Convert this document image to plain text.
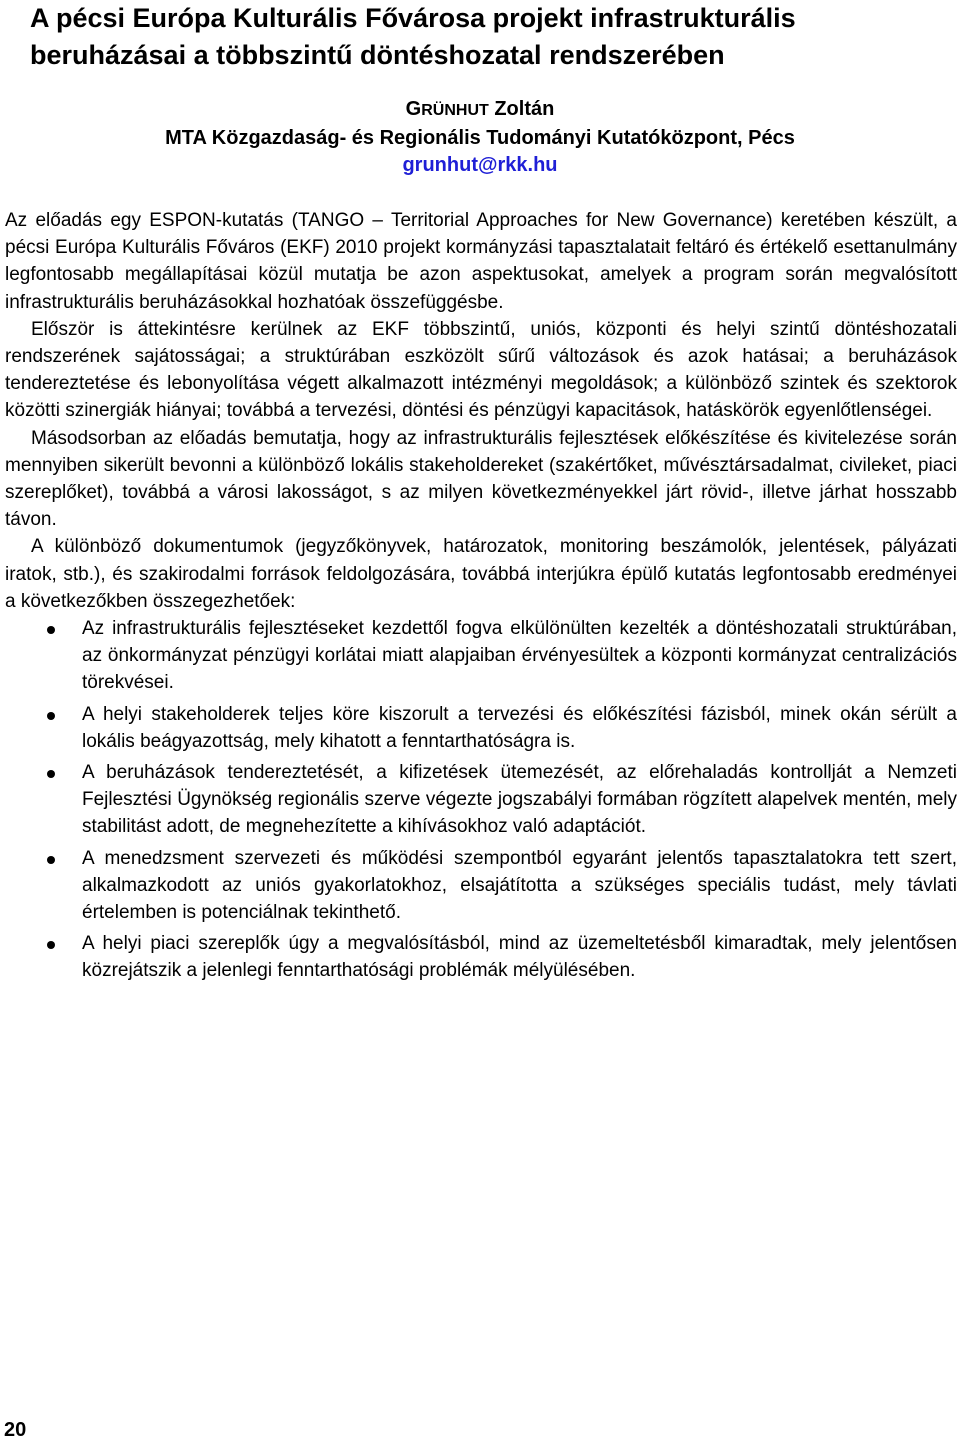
A pécsi Európa Kulturális Fővárosa projekt infrastrukturális beruházásai a többszintű döntéshozatal rendszerében
GRÜNHUT Zoltán
MTA Közgazdaság- és Regionális Tudományi Kutatóközpont, Pécs
grunhut@rkk.hu

Az előadás egy ESPON-kutatás (TANGO – Territorial Approaches for New Governance) keretében készült, a pécsi Európa Kulturális Főváros (EKF) 2010 projekt kormányzási tapasztalatait feltáró és értékelő esettanulmány legfontosabb megállapításai közül mutatja be azon aspektusokat, amelyek a program során megvalósított infrastrukturális beruházásokkal hozhatóak összefüggésbe.

Először is áttekintésre kerülnek az EKF többszintű, uniós, központi és helyi szintű döntéshozatali rendszerének sajátosságai; a struktúrában eszközölt sűrű változások és azok hatásai; a beruházások tendereztetése és lebonyolítása végett alkalmazott intézményi megoldások; a különböző szintek és szektorok közötti szinergiák hiányai; továbbá a tervezési, döntési és pénzügyi kapacitások, hatáskörök egyenlőtlenségei.

Másodsorban az előadás bemutatja, hogy az infrastrukturális fejlesztések előkészítése és kivitelezése során mennyiben sikerült bevonni a különböző lokális stakeholdereket (szakértőket, művésztársadalmat, civileket, piaci szereplőket), továbbá a városi lakosságot, s az milyen következményekkel járt rövid-, illetve járhat hosszabb távon.

A különböző dokumentumok (jegyzőkönyvek, határozatok, monitoring beszámolók, jelentések, pályázati iratok, stb.), és szakirodalmi források feldolgozására, továbbá interjúkra épülő kutatás legfontosabb eredményei a következőkben összegezhetőek:

Az infrastrukturális fejlesztéseket kezdettől fogva elkülönülten kezelték a döntéshozatali struktúrában, az önkormányzat pénzügyi korlátai miatt alapjaiban érvényesültek a központi kormányzat centralizációs törekvései.
A helyi stakeholderek teljes köre kiszorult a tervezési és előkészítési fázisból, minek okán sérült a lokális beágyazottság, mely kihatott a fenntarthatóságra is.
A beruházások tendereztetését, a kifizetések ütemezését, az előrehaladás kontrollját a Nemzeti Fejlesztési Ügynökség regionális szerve végezte jogszabályi formában rögzített alapelvek mentén, mely stabilitást adott, de megnehezítette a kihívásokhoz való adaptációt.
A menedzsment szervezeti és működési szempontból egyaránt jelentős tapasztalatokra tett szert, alkalmazkodott az uniós gyakorlatokhoz, elsajátította a szükséges speciális tudást, mely távlati értelemben is potenciálnak tekinthető.
A helyi piaci szereplők úgy a megvalósításból, mind az üzemeltetésből kimaradtak, mely jelentősen közrejátszik a jelenlegi fenntarthatósági problémák mélyülésében.
20
